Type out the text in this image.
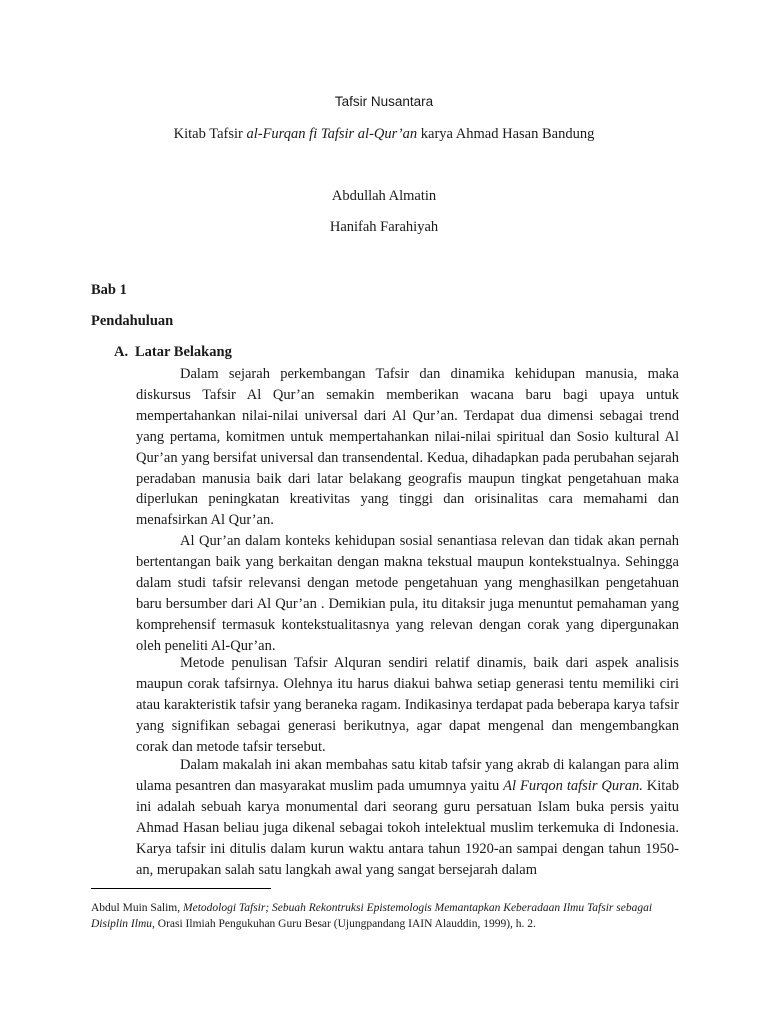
Tafsir Nusantara
Kitab Tafsir al-Furqan fi Tafsir al-Qur’an karya Ahmad Hasan Bandung
Abdullah Almatin
Hanifah Farahiyah
Bab 1
Pendahuluan
A. Latar Belakang

Dalam sejarah perkembangan Tafsir dan dinamika kehidupan manusia, maka diskursus Tafsir Al Qur’an semakin memberikan wacana baru bagi upaya untuk mempertahankan nilai-nilai universal dari Al Qur’an. Terdapat dua dimensi sebagai trend yang pertama, komitmen untuk mempertahankan nilai-nilai spiritual dan Sosio kultural Al Qur’an yang bersifat universal dan transendental. Kedua, dihadapkan pada perubahan sejarah peradaban manusia baik dari latar belakang geografis maupun tingkat pengetahuan maka diperlukan peningkatan kreativitas yang tinggi dan orisinalitas cara memahami dan menafsirkan Al Qur’an.

Al Qur’an dalam konteks kehidupan sosial senantiasa relevan dan tidak akan pernah bertentangan baik yang berkaitan dengan makna tekstual maupun kontekstualnya. Sehingga dalam studi tafsir relevansi dengan metode pengetahuan yang menghasilkan pengetahuan baru bersumber dari Al Qur’an . Demikian pula, itu ditaksir juga menuntut pemahaman yang komprehensif termasuk kontekstualitasnya yang relevan dengan corak yang dipergunakan oleh peneliti Al-Qur’an.

Metode penulisan Tafsir Alquran sendiri relatif dinamis, baik dari aspek analisis maupun corak tafsirnya. Olehnya itu harus diakui bahwa setiap generasi tentu memiliki ciri atau karakteristik tafsir yang beraneka ragam. Indikasinya terdapat pada beberapa karya tafsir yang signifikan sebagai generasi berikutnya, agar dapat mengenal dan mengembangkan corak dan metode tafsir tersebut.

Dalam makalah ini akan membahas satu kitab tafsir yang akrab di kalangan para alim ulama pesantren dan masyarakat muslim pada umumnya yaitu Al Furqon tafsir Quran. Kitab ini adalah sebuah karya monumental dari seorang guru persatuan Islam buka persis yaitu Ahmad Hasan beliau juga dikenal sebagai tokoh intelektual muslim terkemuka di Indonesia. Karya tafsir ini ditulis dalam kurun waktu antara tahun 1920-an sampai dengan tahun 1950-an, merupakan salah satu langkah awal yang sangat bersejarah dalam

Abdul Muin Salim, Metodologi Tafsir; Sebuah Rekontruksi Epistemologis Memantapkan Keberadaan Ilmu Tafsir sebagai Disiplin Ilmu, Orasi Ilmiah Pengukuhan Guru Besar (Ujungpandang IAIN Alauddin, 1999), h. 2.
